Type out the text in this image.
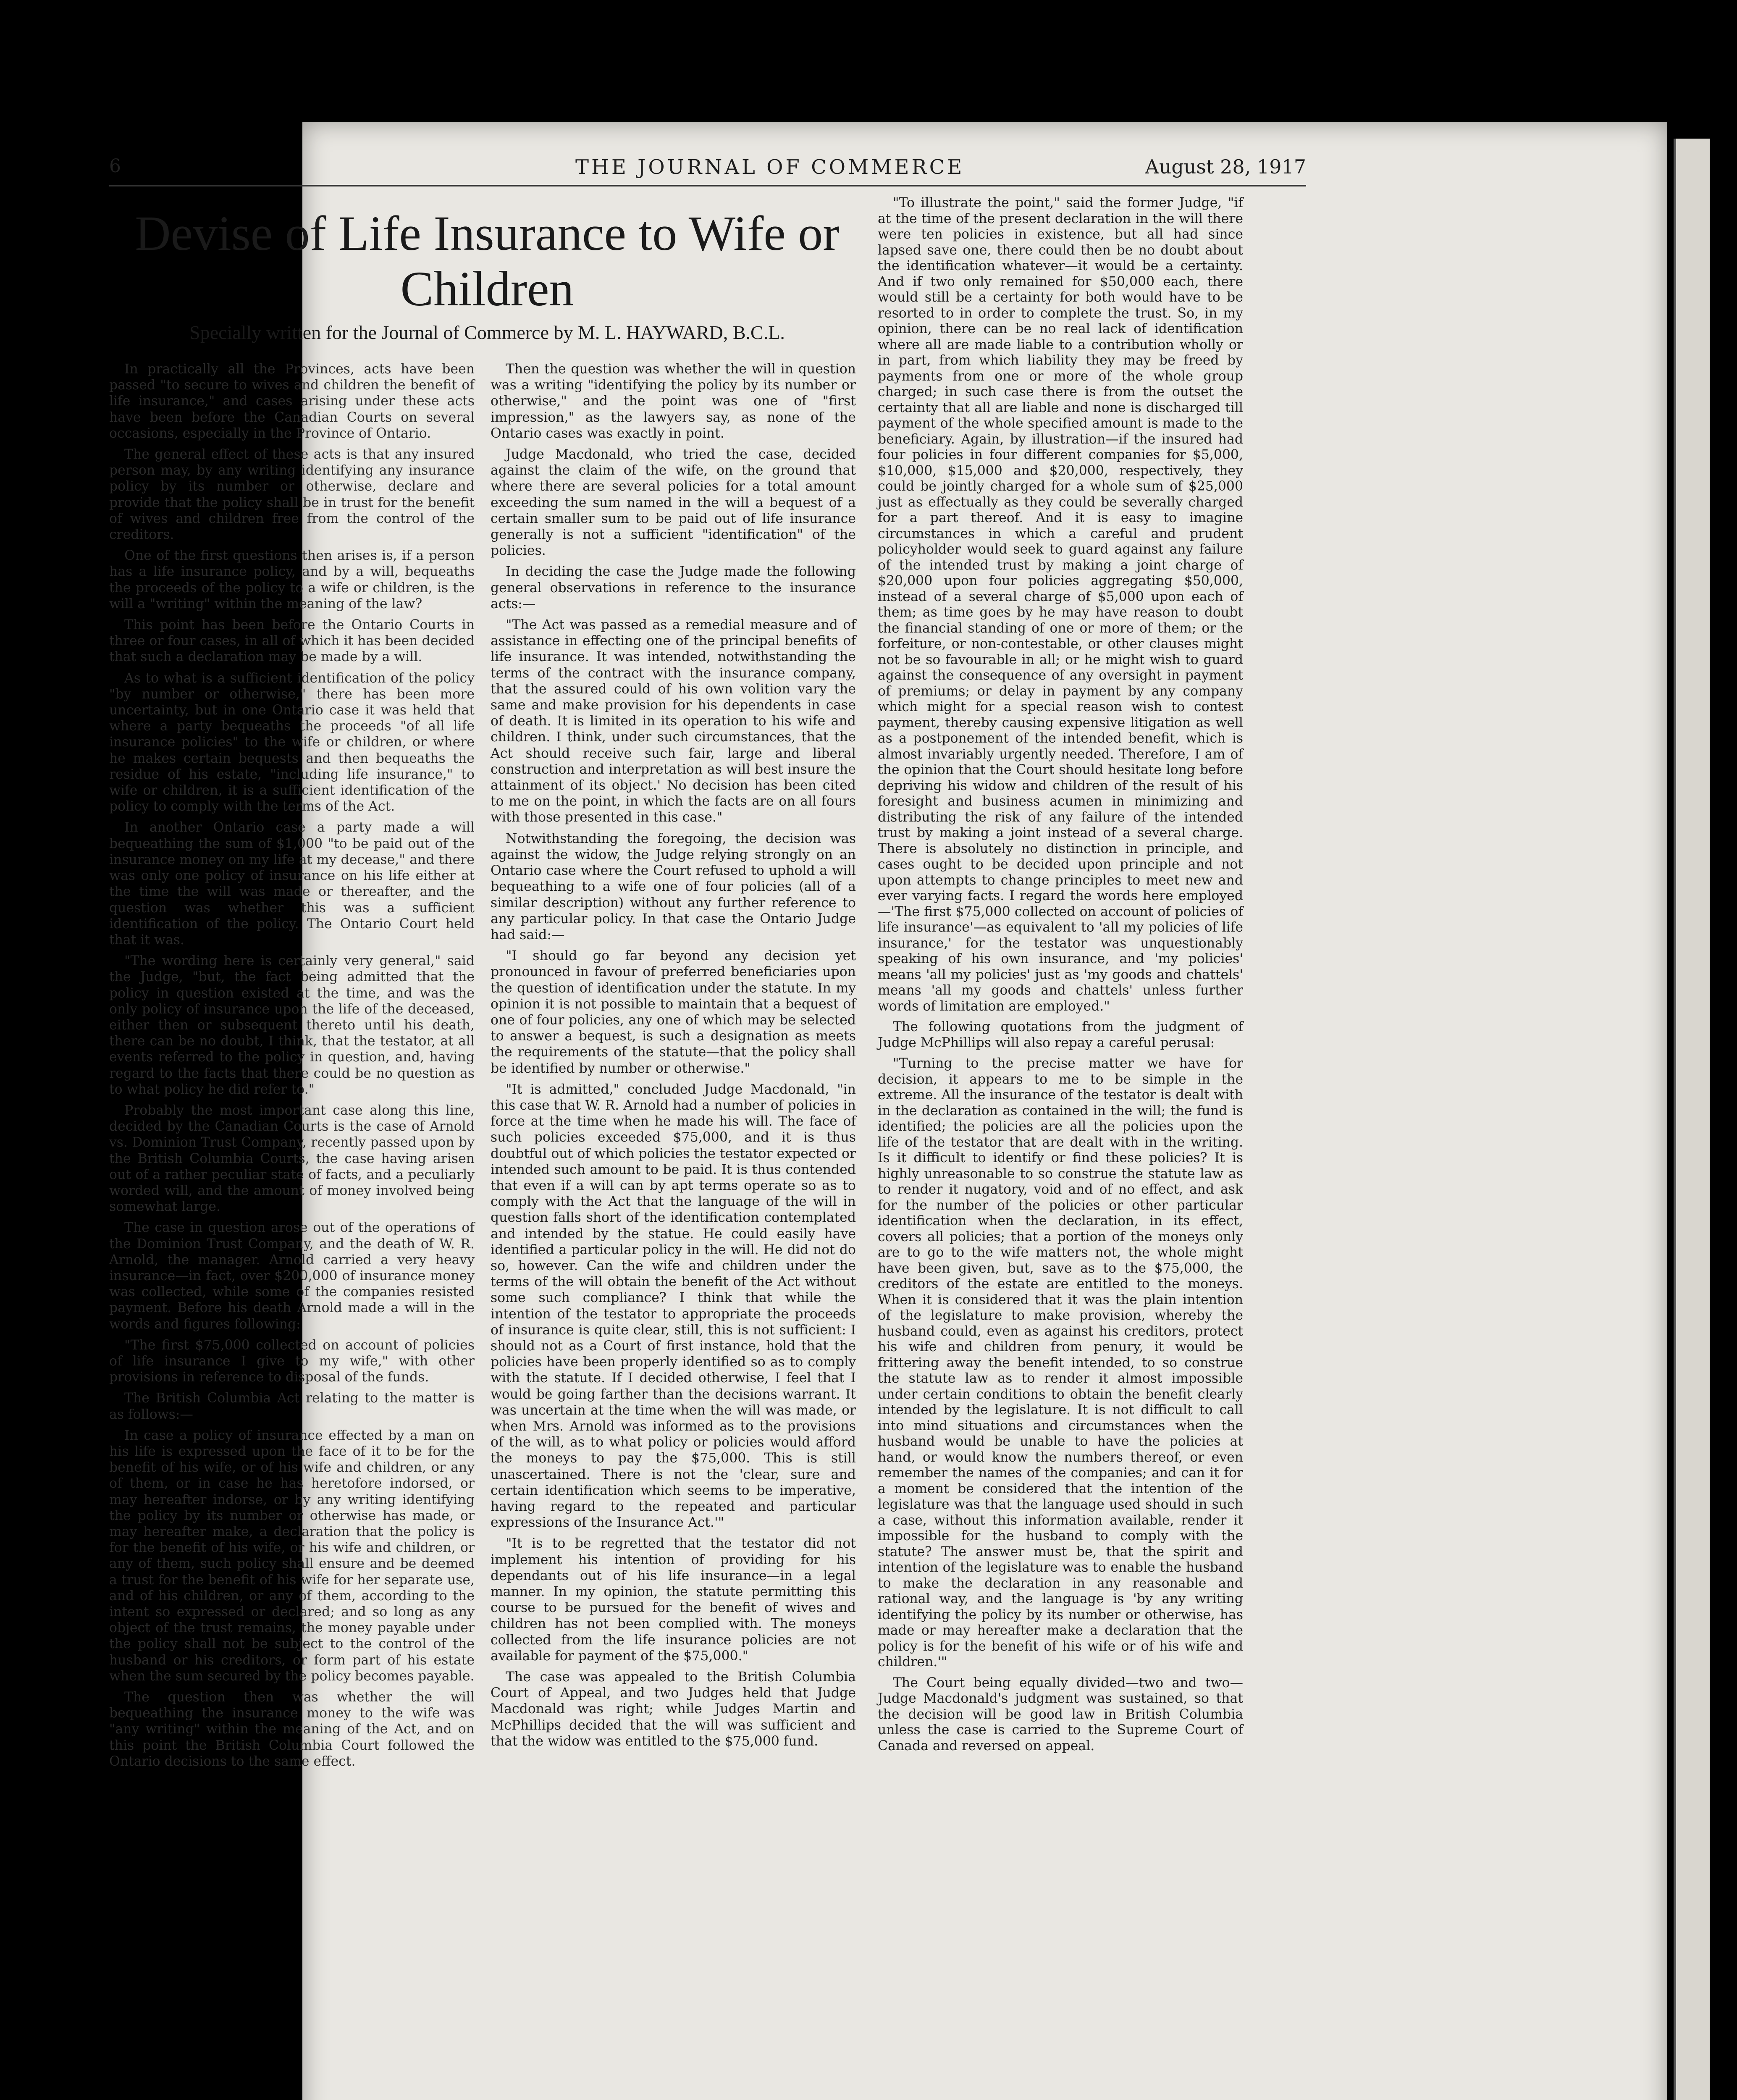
6	THE JOURNAL OF COMMERCE	August 28, 1917
Devise of Life Insurance to Wife or Children
Specially written for the Journal of Commerce by M. L. HAYWARD, B.C.L.

In practically all the Provinces, acts have been passed "to secure to wives and children the benefit of life insurance," and cases arising under these acts have been before the Canadian Courts on several occasions, especially in the Province of Ontario.

The general effect of these acts is that any insured person may, by any writing identifying any insurance policy by its number or otherwise, declare and provide that the policy shall be in trust for the benefit of wives and children free from the control of the creditors.

One of the first questions then arises is, if a person has a life insurance policy, and by a will, bequeaths the proceeds of the policy to a wife or children, is the will a "writing" within the meaning of the law?

This point has been before the Ontario Courts in three or four cases, in all of which it has been decided that such a declaration may be made by a will.

As to what is a sufficient identification of the policy "by number or otherwise," there has been more uncertainty, but in one Ontario case it was held that where a party bequeaths the proceeds "of all life insurance policies" to the wife or children, or where he makes certain bequests and then bequeaths the residue of his estate, "including life insurance," to wife or children, it is a sufficient identification of the policy to comply with the terms of the Act.

In another Ontario case a party made a will bequeathing the sum of $1,000 "to be paid out of the insurance money on my life at my decease," and there was only one policy of insurance on his life either at the time the will was made or thereafter, and the question was whether this was a sufficient identification of the policy. The Ontario Court held that it was.

"The wording here is certainly very general," said the Judge, "but, the fact being admitted that the policy in question existed at the time, and was the only policy of insurance upon the life of the deceased, either then or subsequent thereto until his death, there can be no doubt, I think, that the testator, at all events referred to the policy in question, and, having regard to the facts that there could be no question as to what policy he did refer to."

Probably the most important case along this line, decided by the Canadian Courts is the case of Arnold vs. Dominion Trust Company, recently passed upon by the British Columbia Courts, the case having arisen out of a rather peculiar state of facts, and a peculiarly worded will, and the amount of money involved being somewhat large.

The case in question arose out of the operations of the Dominion Trust Company, and the death of W. R. Arnold, the manager. Arnold carried a very heavy insurance—in fact, over $200,000 of insurance money was collected, while some of the companies resisted payment. Before his death Arnold made a will in the words and figures following:

"The first $75,000 collected on account of policies of life insurance I give to my wife," with other provisions in reference to disposal of the funds.

The British Columbia Act relating to the matter is as follows:—

In case a policy of insurance effected by a man on his life is expressed upon the face of it to be for the benefit of his wife, or of his wife and children, or any of them, or in case he has heretofore indorsed, or may hereafter indorse, or by any writing identifying the policy by its number or otherwise has made, or may hereafter make, a declaration that the policy is for the benefit of his wife, or his wife and children, or any of them, such policy shall ensure and be deemed a trust for the benefit of his wife for her separate use, and of his children, or any of them, according to the intent so expressed or declared; and so long as any object of the trust remains, the money payable under the policy shall not be subject to the control of the husband or his creditors, or form part of his estate when the sum secured by the policy becomes payable.

The question then was whether the will bequeathing the insurance money to the wife was "any writing" within the meaning of the Act, and on this point the British Columbia Court followed the Ontario decisions to the same effect.

Then the question was whether the will in question was a writing "identifying the policy by its number or otherwise," and the point was one of "first impression," as the lawyers say, as none of the Ontario cases was exactly in point.

Judge Macdonald, who tried the case, decided against the claim of the wife, on the ground that where there are several policies for a total amount exceeding the sum named in the will a bequest of a certain smaller sum to be paid out of life insurance generally is not a sufficient "identification" of the policies.

In deciding the case the Judge made the following general observations in reference to the insurance acts:—

"The Act was passed as a remedial measure and of assistance in effecting one of the principal benefits of life insurance. It was intended, notwithstanding the terms of the contract with the insurance company, that the assured could of his own volition vary the same and make provision for his dependents in case of death. It is limited in its operation to his wife and children. I think, under such circumstances, that the Act should receive such fair, large and liberal construction and interpretation as will best insure the attainment of its object.' No decision has been cited to me on the point, in which the facts are on all fours with those presented in this case."

Notwithstanding the foregoing, the decision was against the widow, the Judge relying strongly on an Ontario case where the Court refused to uphold a will bequeathing to a wife one of four policies (all of a similar description) without any further reference to any particular policy. In that case the Ontario Judge had said:—

"I should go far beyond any decision yet pronounced in favour of preferred beneficiaries upon the question of identification under the statute. In my opinion it is not possible to maintain that a bequest of one of four policies, any one of which may be selected to answer a bequest, is such a designation as meets the requirements of the statute—that the policy shall be identified by number or otherwise."

"It is admitted," concluded Judge Macdonald, "in this case that W. R. Arnold had a number of policies in force at the time when he made his will. The face of such policies exceeded $75,000, and it is thus doubtful out of which policies the testator expected or intended such amount to be paid. It is thus contended that even if a will can by apt terms operate so as to comply with the Act that the language of the will in question falls short of the identification contemplated and intended by the statue. He could easily have identified a particular policy in the will. He did not do so, however. Can the wife and children under the terms of the will obtain the benefit of the Act without some such compliance? I think that while the intention of the testator to appropriate the proceeds of insurance is quite clear, still, this is not sufficient: I should not as a Court of first instance, hold that the policies have been properly identified so as to comply with the statute. If I decided otherwise, I feel that I would be going farther than the decisions warrant. It was uncertain at the time when the will was made, or when Mrs. Arnold was informed as to the provisions of the will, as to what policy or policies would afford the moneys to pay the $75,000. This is still unascertained. There is not the 'clear, sure and certain identification which seems to be imperative, having regard to the repeated and particular expressions of the Insurance Act.'"

"It is to be regretted that the testator did not implement his intention of providing for his dependants out of his life insurance—in a legal manner. In my opinion, the statute permitting this course to be pursued for the benefit of wives and children has not been complied with. The moneys collected from the life insurance policies are not available for payment of the $75,000."

The case was appealed to the British Columbia Court of Appeal, and two Judges held that Judge Macdonald was right; while Judges Martin and McPhillips decided that the will was sufficient and that the widow was entitled to the $75,000 fund.

"To illustrate the point," said the former Judge, "if at the time of the present declaration in the will there were ten policies in existence, but all had since lapsed save one, there could then be no doubt about the identification whatever—it would be a certainty. And if two only remained for $50,000 each, there would still be a certainty for both would have to be resorted to in order to complete the trust. So, in my opinion, there can be no real lack of identification where all are made liable to a contribution wholly or in part, from which liability they may be freed by payments from one or more of the whole group charged; in such case there is from the outset the certainty that all are liable and none is discharged till payment of the whole specified amount is made to the beneficiary. Again, by illustration—if the insured had four policies in four different companies for $5,000, $10,000, $15,000 and $20,000, respectively, they could be jointly charged for a whole sum of $25,000 just as effectually as they could be severally charged for a part thereof. And it is easy to imagine circumstances in which a careful and prudent policyholder would seek to guard against any failure of the intended trust by making a joint charge of $20,000 upon four policies aggregating $50,000, instead of a several charge of $5,000 upon each of them; as time goes by he may have reason to doubt the financial standing of one or more of them; or the forfeiture, or non-contestable, or other clauses might not be so favourable in all; or he might wish to guard against the consequence of any oversight in payment of premiums; or delay in payment by any company which might for a special reason wish to contest payment, thereby causing expensive litigation as well as a postponement of the intended benefit, which is almost invariably urgently needed. Therefore, I am of the opinion that the Court should hesitate long before depriving his widow and children of the result of his foresight and business acumen in minimizing and distributing the risk of any failure of the intended trust by making a joint instead of a several charge. There is absolutely no distinction in principle, and cases ought to be decided upon principle and not upon attempts to change principles to meet new and ever varying facts. I regard the words here employed—'The first $75,000 collected on account of policies of life insurance'—as equivalent to 'all my policies of life insurance,' for the testator was unquestionably speaking of his own insurance, and 'my policies' means 'all my policies' just as 'my goods and chattels' means 'all my goods and chattels' unless further words of limitation are employed."

The following quotations from the judgment of Judge McPhillips will also repay a careful perusal:

"Turning to the precise matter we have for decision, it appears to me to be simple in the extreme. All the insurance of the testator is dealt with in the declaration as contained in the will; the fund is identified; the policies are all the policies upon the life of the testator that are dealt with in the writing. Is it difficult to identify or find these policies? It is highly unreasonable to so construe the statute law as to render it nugatory, void and of no effect, and ask for the number of the policies or other particular identification when the declaration, in its effect, covers all policies; that a portion of the moneys only are to go to the wife matters not, the whole might have been given, but, save as to the $75,000, the creditors of the estate are entitled to the moneys. When it is considered that it was the plain intention of the legislature to make provision, whereby the husband could, even as against his creditors, protect his wife and children from penury, it would be frittering away the benefit intended, to so construe the statute law as to render it almost impossible under certain conditions to obtain the benefit clearly intended by the legislature. It is not difficult to call into mind situations and circumstances when the husband would be unable to have the policies at hand, or would know the numbers thereof, or even remember the names of the companies; and can it for a moment be considered that the intention of the legislature was that the language used should in such a case, without this information available, render it impossible for the husband to comply with the statute? The answer must be, that the spirit and intention of the legislature was to enable the husband to make the declaration in any reasonable and rational way, and the language is 'by any writing identifying the policy by its number or otherwise, has made or may hereafter make a declaration that the policy is for the benefit of his wife or of his wife and children.'"

The Court being equally divided—two and two—Judge Macdonald's judgment was sustained, so that the decision will be good law in British Columbia unless the case is carried to the Supreme Court of Canada and reversed on appeal.
